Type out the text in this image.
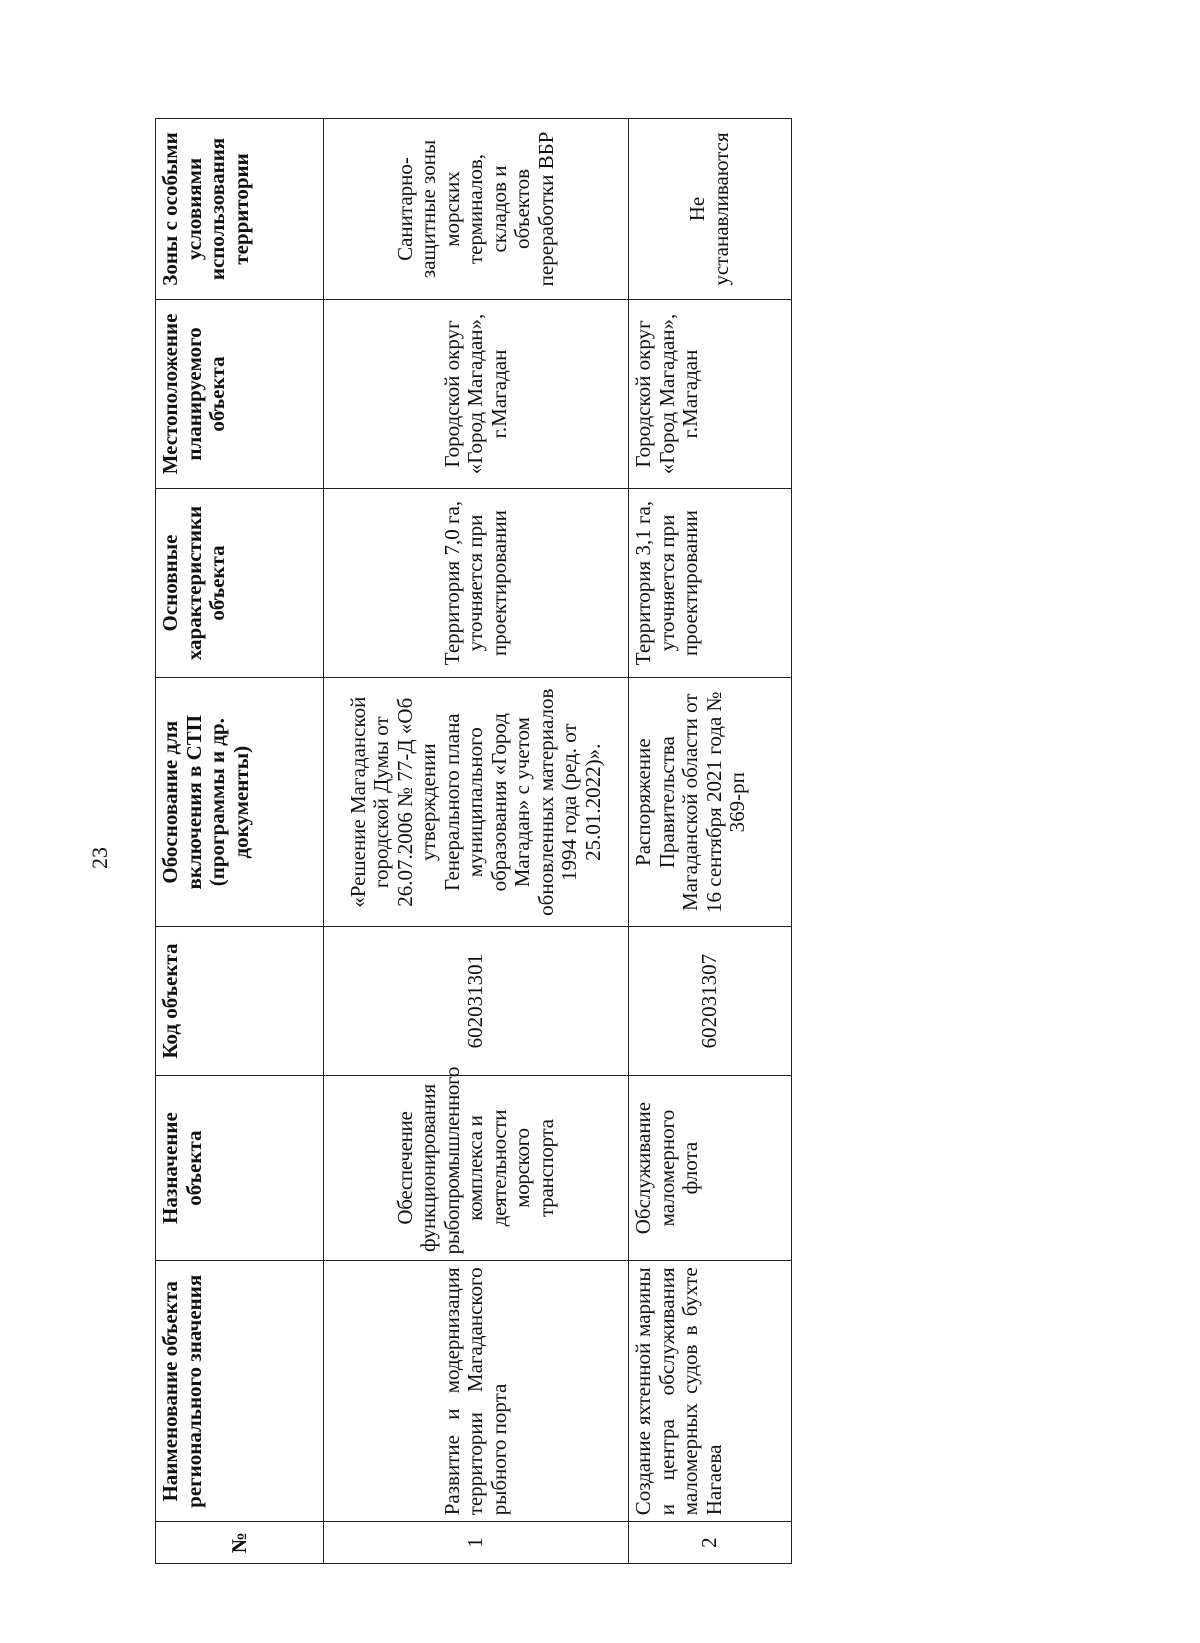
23
№	Наименование объекта регионального значения	Назначение объекта	Код объекта	Обоснование для включения в СТП (программы и др. документы)	Основные характеристики объекта	Местоположение планируемого объекта	Зоны с особыми условиями использования территории
1	Развитие и модернизация территории Магаданского рыбного порта	Обеспечение функционирования рыбопромышленного комплекса и деятельности морского транспорта	602031301	«Решение Магаданской городской Думы от 26.07.2006 № 77-Д «Об утверждении Генерального плана муниципального образования «Город Магадан» с учетом обновленных материалов 1994 года (ред. от 25.01.2022)».	Территория 7,0 га, уточняется при проектировании	Городской округ «Город Магадан», г.Магадан	Санитарно-защитные зоны морских терминалов, складов и объектов переработки ВБР
2	Создание яхтенной марины и центра обслуживания маломерных судов в бухте Нагаева	Обслуживание маломерного флота	602031307	Распоряжение Правительства Магаданской области от 16 сентября 2021 года № 369-рп	Территория 3,1 га, уточняется при проектировании	Городской округ «Город Магадан», г.Магадан	Не устанавливаются
